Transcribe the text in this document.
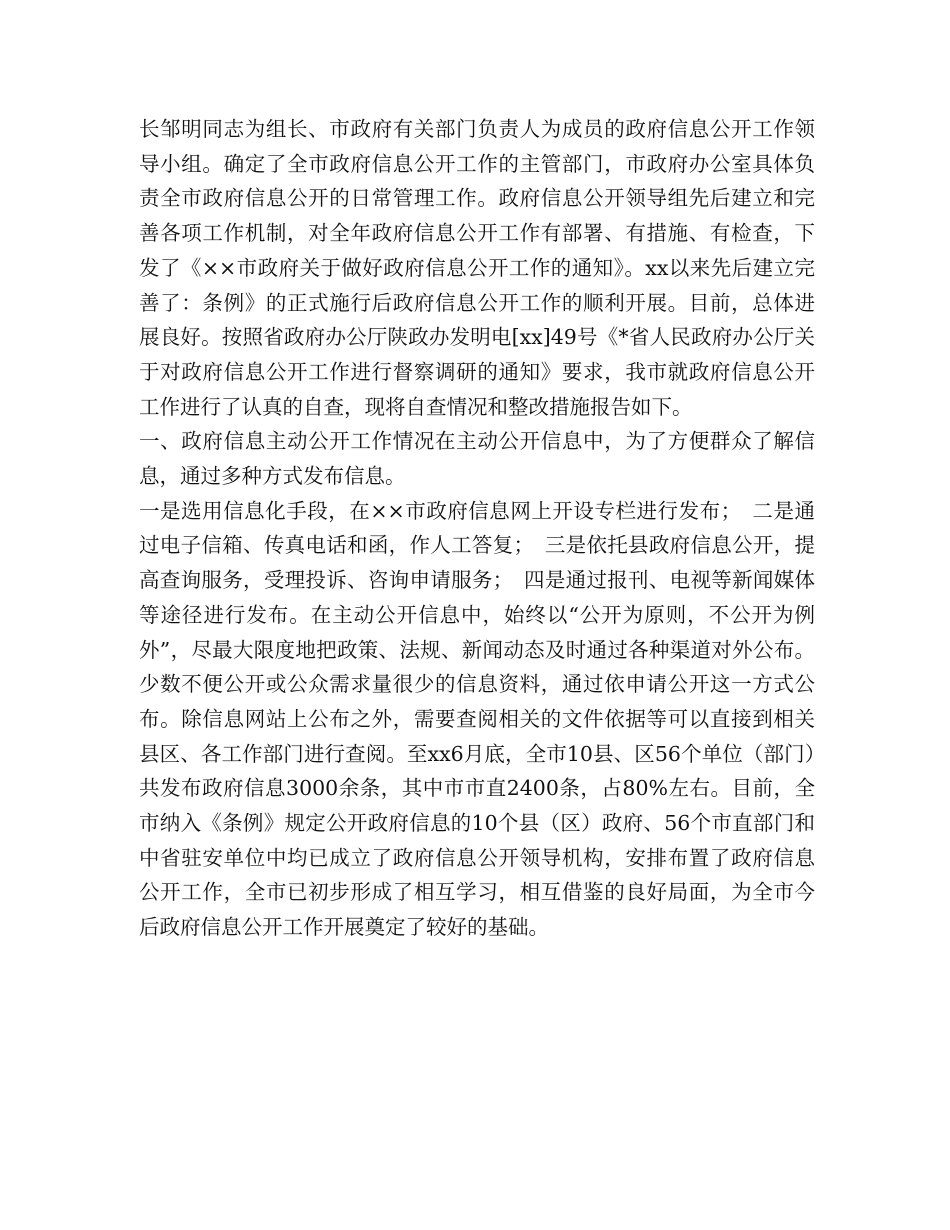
长邹明同志为组长、市政府有关部门负责人为成员的政府信息公开工作领导小组。确定了全市政府信息公开工作的主管部门，市政府办公室具体负责全市政府信息公开的日常管理工作。政府信息公开领导组先后建立和完善各项工作机制，对全年政府信息公开工作有部署、有措施、有检查，下发了《××市政府关于做好政府信息公开工作的通知》。xx以来先后建立完善了：条例》的正式施行后政府信息公开工作的顺利开展。目前，总体进展良好。按照省政府办公厅陕政办发明电[xx]49号《*省人民政府办公厅关于对政府信息公开工作进行督察调研的通知》要求，我市就政府信息公开工作进行了认真的自查，现将自查情况和整改措施报告如下。

一、政府信息主动公开工作情况在主动公开信息中，为了方便群众了解信息，通过多种方式发布信息。

一是选用信息化手段，在××市政府信息网上开设专栏进行发布；　二是通过电子信箱、传真电话和函，作人工答复；　三是依托县政府信息公开，提高查询服务，受理投诉、咨询申请服务；　四是通过报刊、电视等新闻媒体等途径进行发布。在主动公开信息中，始终以“公开为原则，不公开为例外”，尽最大限度地把政策、法规、新闻动态及时通过各种渠道对外公布。少数不便公开或公众需求量很少的信息资料，通过依申请公开这一方式公布。除信息网站上公布之外，需要查阅相关的文件依据等可以直接到相关县区、各工作部门进行查阅。至xx6月底，全市10县、区56个单位（部门）共发布政府信息3000余条，其中市市直2400条，占80%左右。目前，全市纳入《条例》规定公开政府信息的10个县（区）政府、56个市直部门和中省驻安单位中均已成立了政府信息公开领导机构，安排布置了政府信息公开工作，全市已初步形成了相互学习，相互借鉴的良好局面，为全市今后政府信息公开工作开展奠定了较好的基础。
